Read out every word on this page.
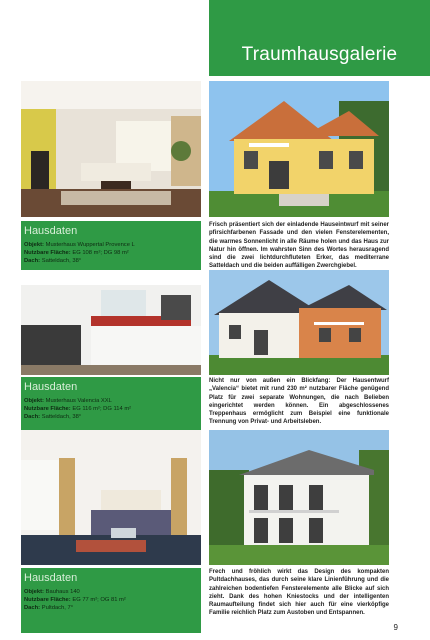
Traumhausgalerie
Hausdaten
Objekt: Musterhaus Wuppertal Provence L
Nutzbare Fläche: EG 108 m²; DG 98 m²
Dach: Satteldach, 38°
Frisch präsentiert sich der einladende Hauseintwurf mit seiner pfirsichfarbenen Fassade und den vielen Fensterelementen, die warmes Sonnenlicht in alle Räume holen und das Haus zur Natur hin öffnen. Im wahrsten Sinn des Wortes herausragend sind die zwei lichtdurchfluteten Erker, das mediterrane Satteldach und die beiden auffälligen Zwerchgiebel.
Hausdaten
Objekt: Musterhaus Valencia XXL
Nutzbare Fläche: EG 116 m²; DG 114 m²
Dach: Satteldach, 38°
Nicht nur von außen ein Blickfang: Der Hausentwurf „Valencia“ bietet mit rund 230 m² nutzbarer Fläche genügend Platz für zwei separate Wohnungen, die nach Belieben eingerichtet werden können. Ein abgeschlossenes Treppenhaus ermöglicht zum Beispiel eine funktionale Trennung von Privat- und Arbeitsleben.
Hausdaten
Objekt: Bauhaus 140
Nutzbare Fläche: EG 77 m²; OG 81 m²
Dach: Pultdach, 7°
Frech und fröhlich wirkt das Design des kompakten Pultdachhauses, das durch seine klare Linienführung und die zahlreichen bodentiefen Fensterelemente alle Blicke auf sich zieht. Dank des hohen Kniestocks und der intelligenten Raumaufteilung findet sich hier auch für eine vierköpfige Familie reichlich Platz zum Austoben und Entspannen.
9
